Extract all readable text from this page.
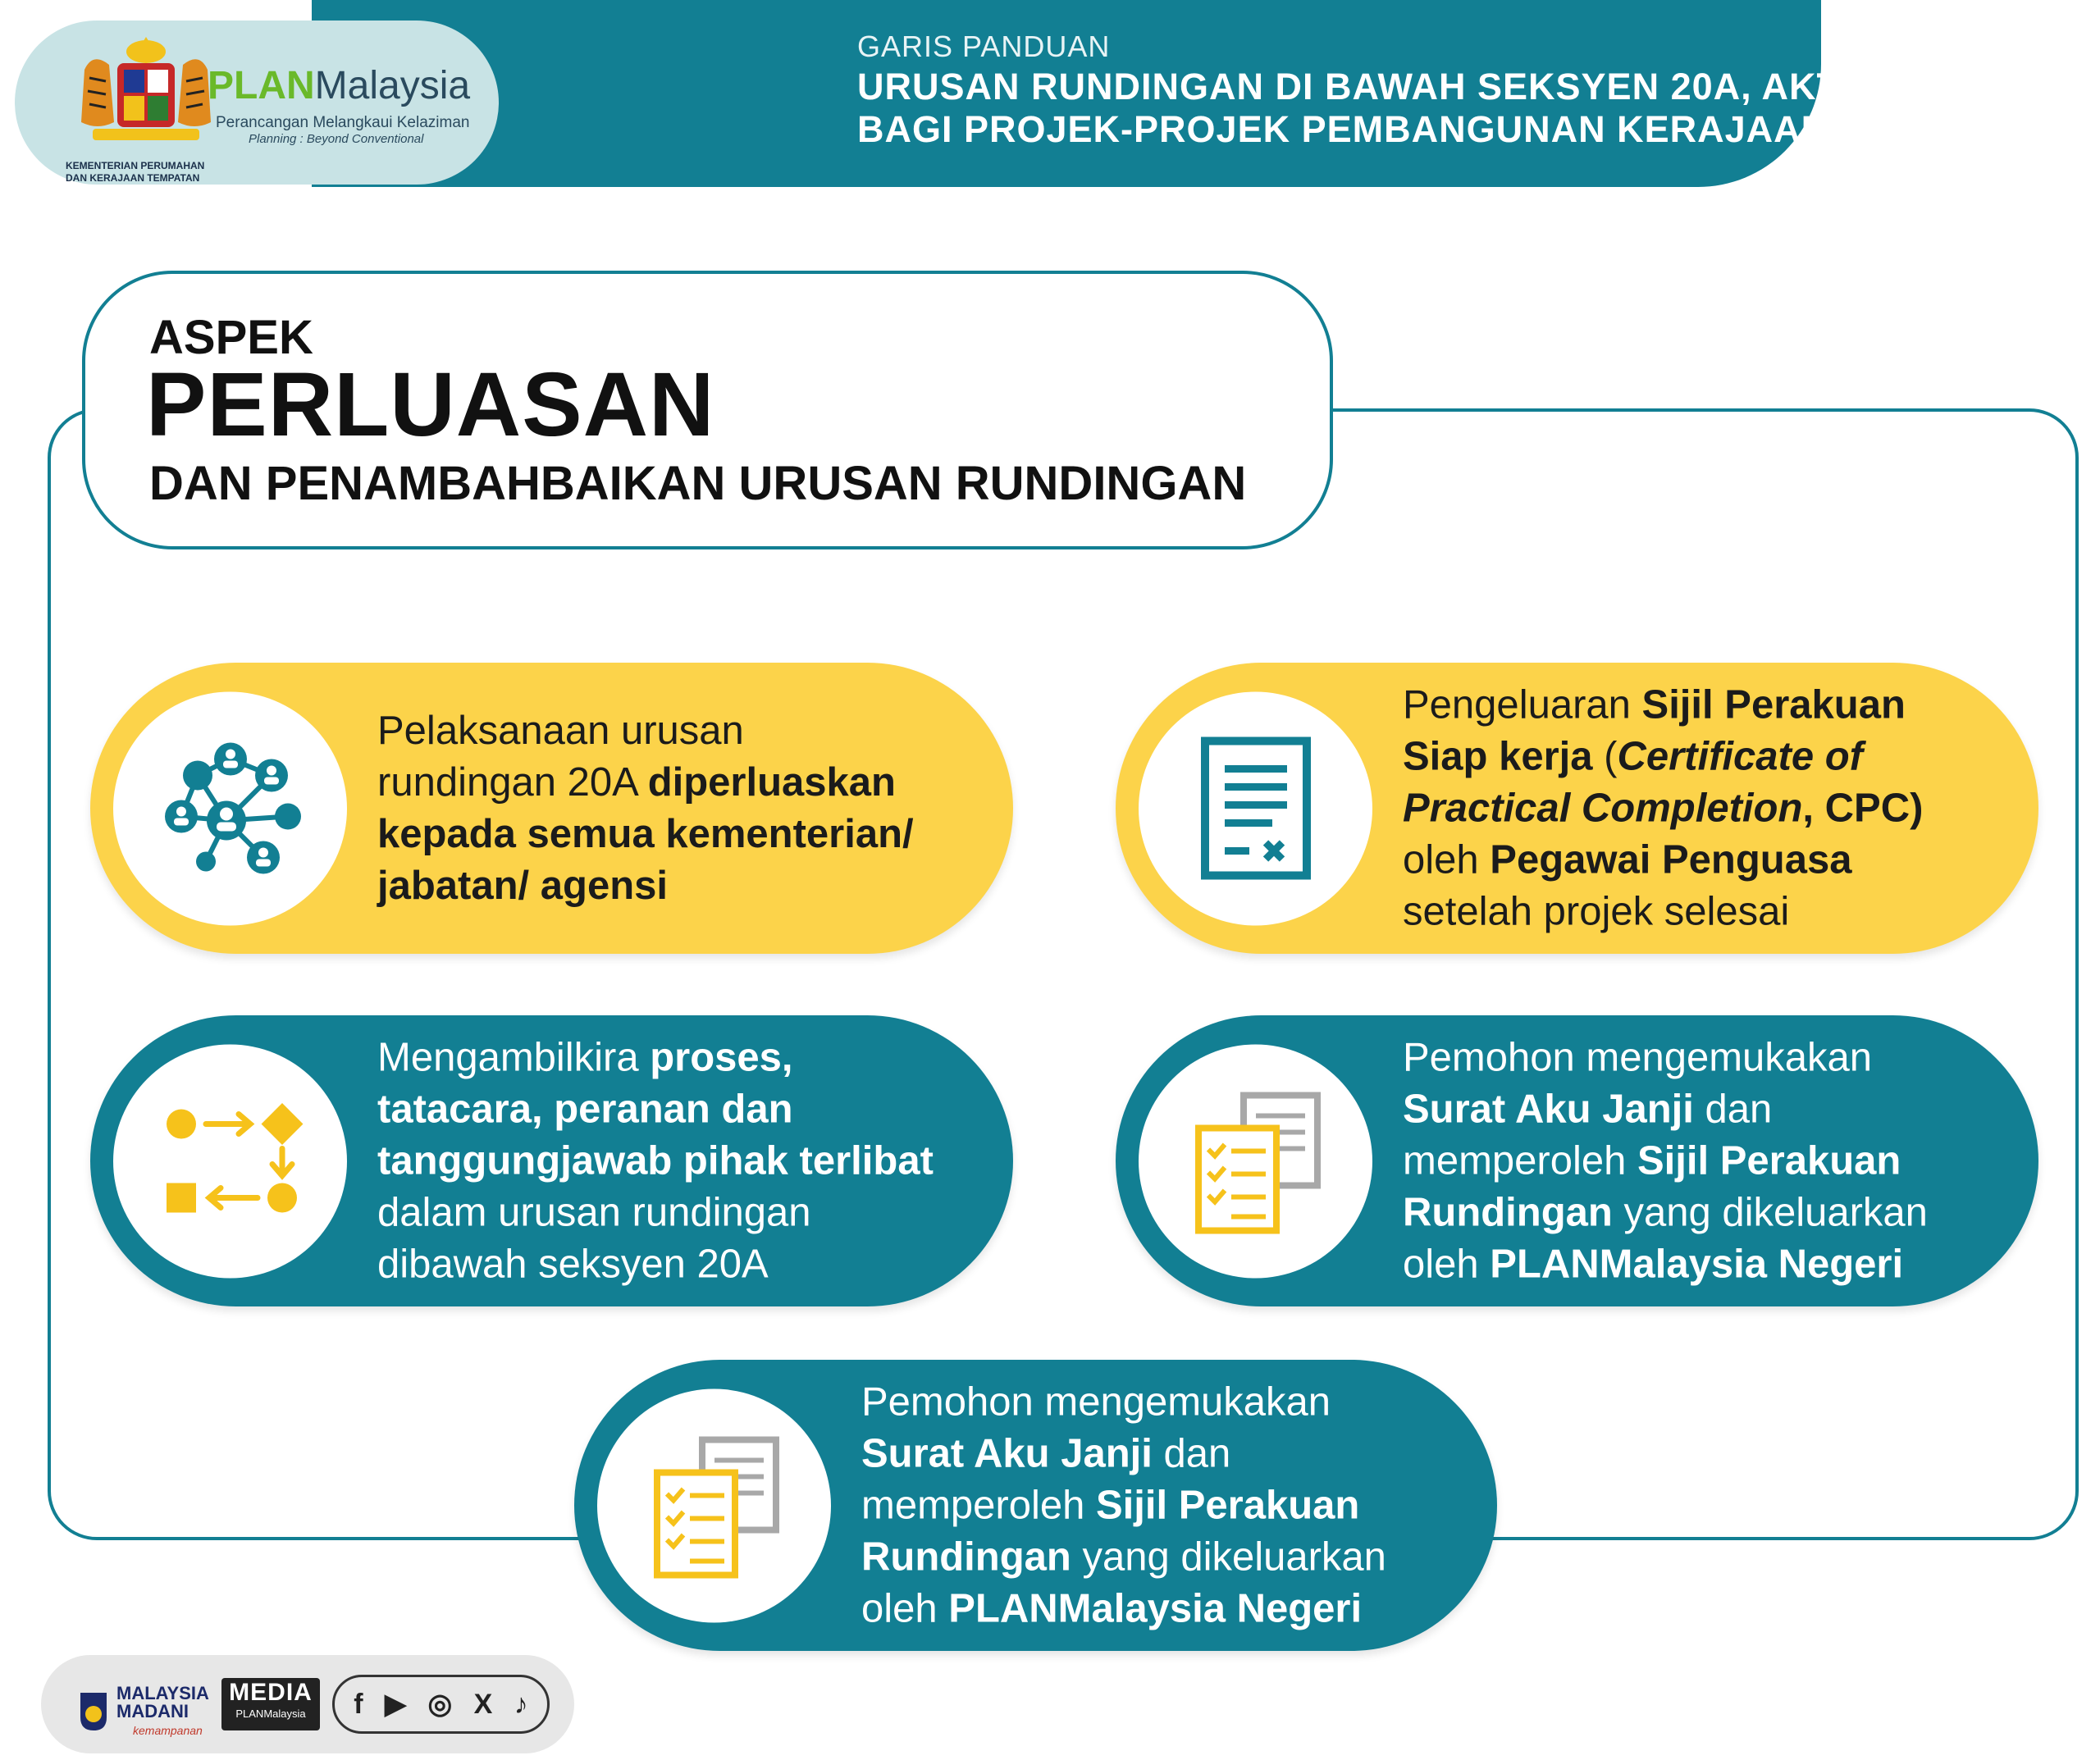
GARIS PANDUAN
URUSAN RUNDINGAN DI BAWAH SEKSYEN 20A, AKTA 172
BAGI PROJEK-PROJEK PEMBANGUNAN KERAJAAN
KEMENTERIAN PERUMAHAN
DAN KERAJAAN TEMPATAN
PLANMalaysia
Perancangan Melangkaui Kelaziman
Planning : Beyond Conventional
ASPEK
PERLUASAN
DAN PENAMBAHBAIKAN URUSAN RUNDINGAN
Pelaksanaan urusan
rundingan 20A diperluaskan
kepada semua kementerian/
jabatan/ agensi
Pengeluaran Sijil Perakuan
Siap kerja (Certificate of
Practical Completion, CPC)
oleh Pegawai Penguasa
setelah projek selesai
Mengambilkira proses,
tatacara, peranan dan
tanggungjawab pihak terlibat
dalam urusan rundingan
dibawah seksyen 20A
Pemohon mengemukakan
Surat Aku Janji dan
memperoleh Sijil Perakuan
Rundingan yang dikeluarkan
oleh PLANMalaysia Negeri
Pemohon mengemukakan
Surat Aku Janji dan
memperoleh Sijil Perakuan
Rundingan yang dikeluarkan
oleh PLANMalaysia Negeri
MALAYSIA
MADANI
kemampanan
MEDIA
PLANMalaysia	f ▶ ◎ X ♪
